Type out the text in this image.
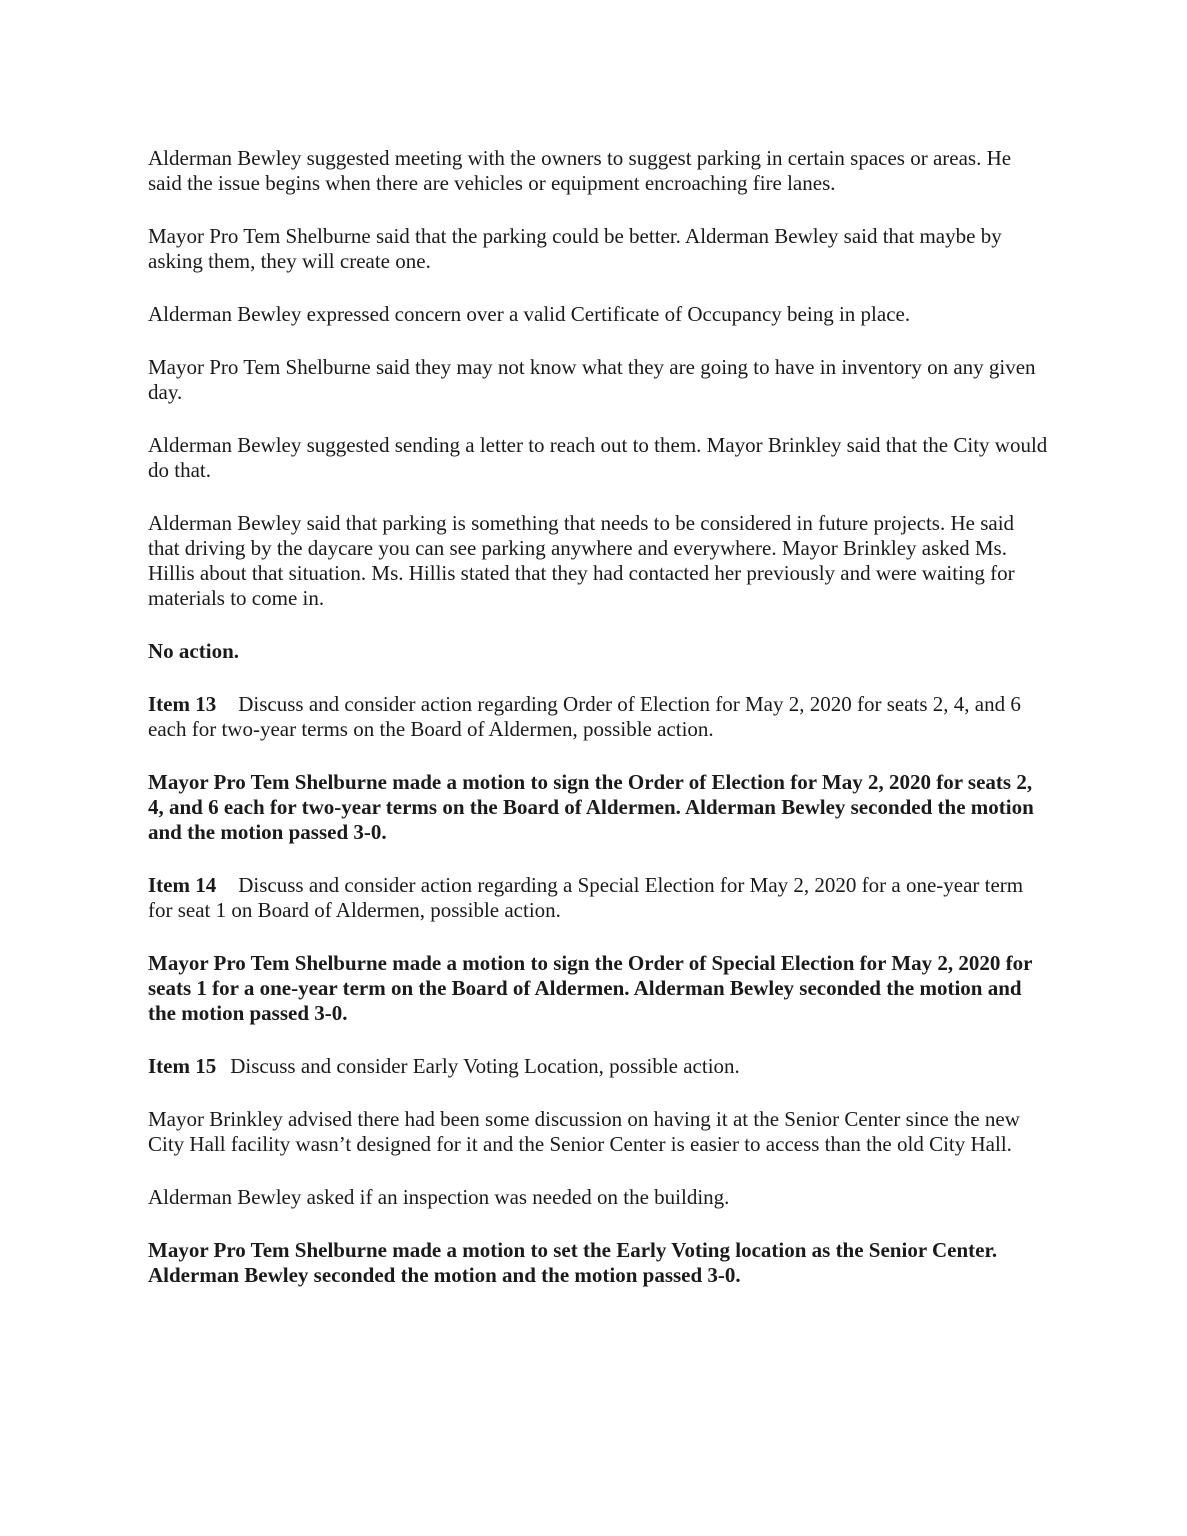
Alderman Bewley suggested meeting with the owners to suggest parking in certain spaces or areas. He said the issue begins when there are vehicles or equipment encroaching fire lanes.

Mayor Pro Tem Shelburne said that the parking could be better. Alderman Bewley said that maybe by asking them, they will create one.

Alderman Bewley expressed concern over a valid Certificate of Occupancy being in place.

Mayor Pro Tem Shelburne said they may not know what they are going to have in inventory on any given day.

Alderman Bewley suggested sending a letter to reach out to them. Mayor Brinkley said that the City would do that.

Alderman Bewley said that parking is something that needs to be considered in future projects. He said that driving by the daycare you can see parking anywhere and everywhere. Mayor Brinkley asked Ms. Hillis about that situation. Ms. Hillis stated that they had contacted her previously and were waiting for materials to come in.

No action.

Item 13 Discuss and consider action regarding Order of Election for May 2, 2020 for seats 2, 4, and 6 each for two-year terms on the Board of Aldermen, possible action.

Mayor Pro Tem Shelburne made a motion to sign the Order of Election for May 2, 2020 for seats 2, 4, and 6 each for two-year terms on the Board of Aldermen. Alderman Bewley seconded the motion and the motion passed 3-0.

Item 14 Discuss and consider action regarding a Special Election for May 2, 2020 for a one-year term for seat 1 on Board of Aldermen, possible action.

Mayor Pro Tem Shelburne made a motion to sign the Order of Special Election for May 2, 2020 for seats 1 for a one-year term on the Board of Aldermen. Alderman Bewley seconded the motion and the motion passed 3-0.

Item 15 Discuss and consider Early Voting Location, possible action.

Mayor Brinkley advised there had been some discussion on having it at the Senior Center since the new City Hall facility wasn’t designed for it and the Senior Center is easier to access than the old City Hall.

Alderman Bewley asked if an inspection was needed on the building.

Mayor Pro Tem Shelburne made a motion to set the Early Voting location as the Senior Center. Alderman Bewley seconded the motion and the motion passed 3-0.
